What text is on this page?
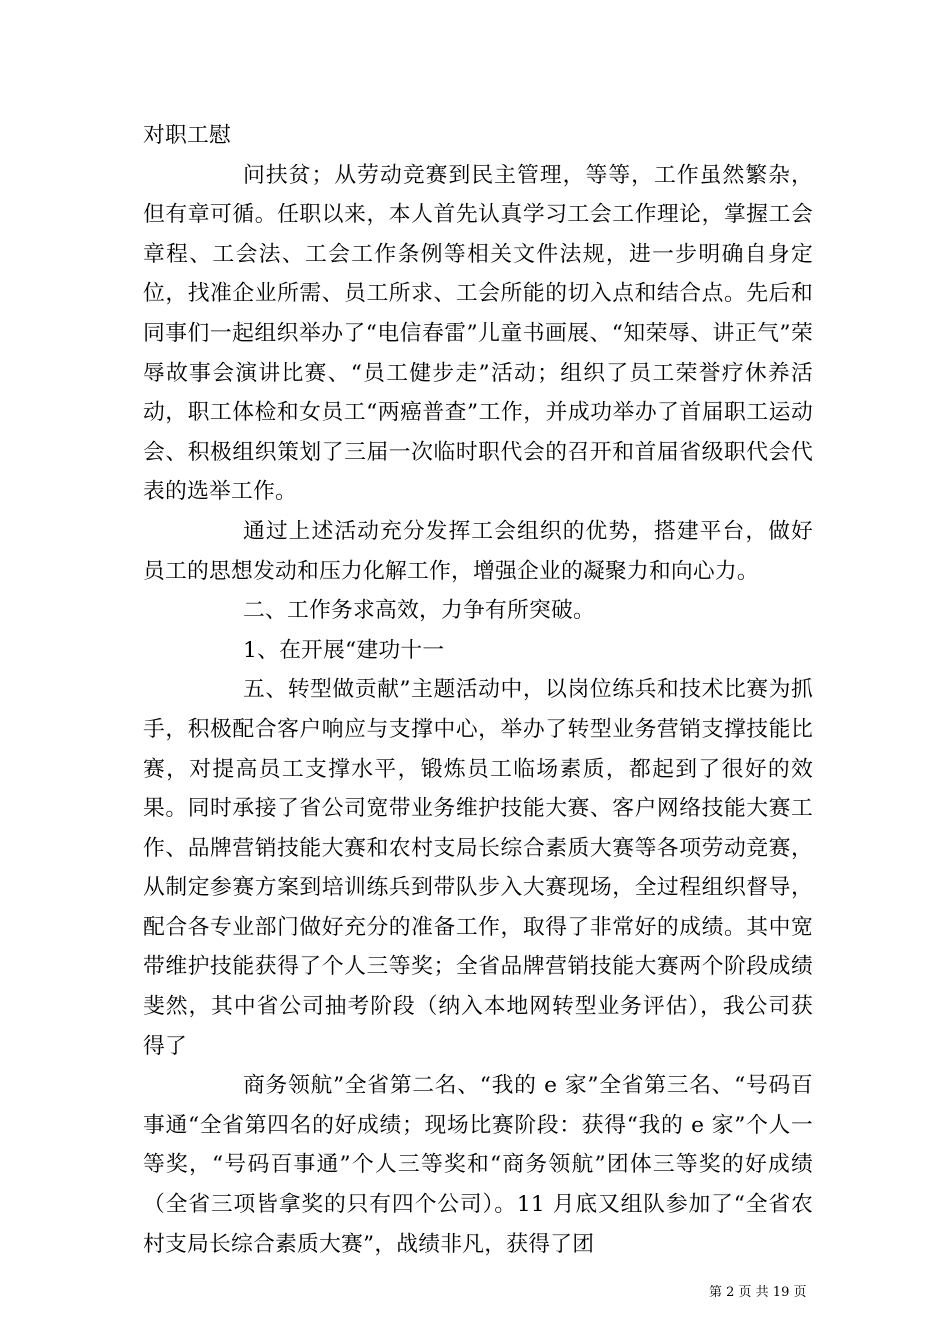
对职工慰

问扶贫；从劳动竞赛到民主管理，等等，工作虽然繁杂，但有章可循。任职以来，本人首先认真学习工会工作理论，掌握工会章程、工会法、工会工作条例等相关文件法规，进一步明确自身定位，找准企业所需、员工所求、工会所能的切入点和结合点。先后和同事们一起组织举办了“电信春雷”儿童书画展、“知荣辱、讲正气”荣辱故事会演讲比赛、“员工健步走”活动；组织了员工荣誉疗休养活动，职工体检和女员工“两癌普查”工作，并成功举办了首届职工运动会、积极组织策划了三届一次临时职代会的召开和首届省级职代会代表的选举工作。

通过上述活动充分发挥工会组织的优势，搭建平台，做好员工的思想发动和压力化解工作，增强企业的凝聚力和向心力。

二、工作务求高效，力争有所突破。

1、在开展“建功十一

五、转型做贡献”主题活动中，以岗位练兵和技术比赛为抓手，积极配合客户响应与支撑中心，举办了转型业务营销支撑技能比赛，对提高员工支撑水平，锻炼员工临场素质，都起到了很好的效果。同时承接了省公司宽带业务维护技能大赛、客户网络技能大赛工作、品牌营销技能大赛和农村支局长综合素质大赛等各项劳动竞赛，从制定参赛方案到培训练兵到带队步入大赛现场，全过程组织督导，配合各专业部门做好充分的准备工作，取得了非常好的成绩。其中宽带维护技能获得了个人三等奖；全省品牌营销技能大赛两个阶段成绩斐然，其中省公司抽考阶段（纳入本地网转型业务评估），我公司获得了

商务领航”全省第二名、“我的 e 家”全省第三名、“号码百事通“全省第四名的好成绩；现场比赛阶段：获得“我的 e 家”个人一等奖，“号码百事通”个人三等奖和“商务领航”团体三等奖的好成绩（全省三项皆拿奖的只有四个公司）。11 月底又组队参加了“全省农村支局长综合素质大赛”，战绩非凡，获得了团

第 2 页 共 19 页
